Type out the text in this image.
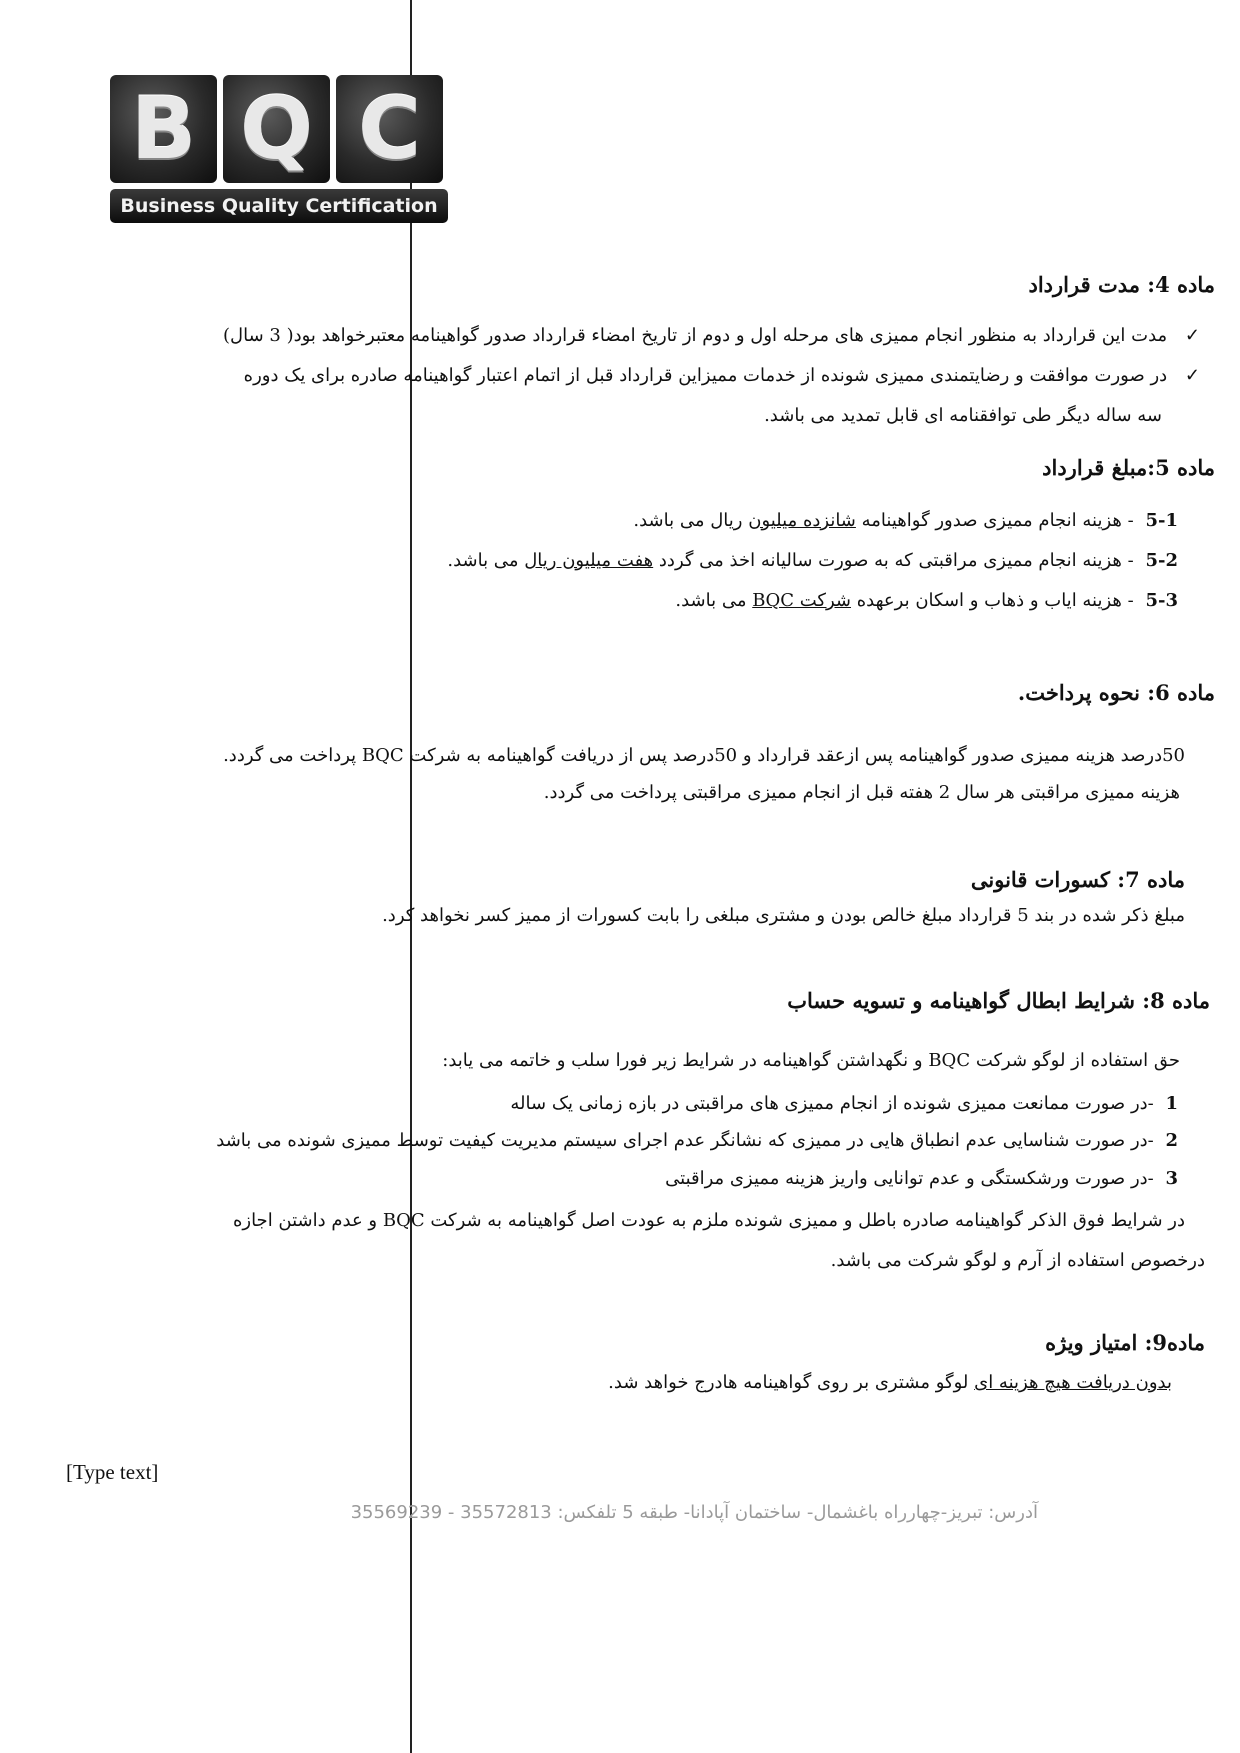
B Q C
Business Quality Certification
ماده 4: مدت قرارداد
✓ مدت این قرارداد به منظور انجام ممیزی های مرحله اول و دوم از تاریخ امضاء قرارداد صدور گواهینامه معتبرخواهد بود( 3 سال)
✓ در صورت موافقت و رضایتمندی ممیزی شونده از خدمات ممیزاین قرارداد قبل از اتمام اعتبار گواهینامه صادره برای یک دوره
سه ساله دیگر طی توافقنامه ای قابل تمدید می باشد.
ماده 5:مبلغ قرارداد
5-1 - هزینه انجام ممیزی صدور گواهینامه شانزده میلیون ریال می باشد.
5-2 - هزینه انجام ممیزی مراقبتی که به صورت سالیانه اخذ می گردد هفت میلیون ریال می باشد.
5-3 - هزینه ایاب و ذهاب و اسکان برعهده شرکت BQC می باشد.
ماده 6: نحوه پرداخت.
50درصد هزینه ممیزی صدور گواهینامه پس ازعقد قرارداد و 50درصد پس از دریافت گواهینامه به شرکت BQC پرداخت می گردد.
هزینه ممیزی مراقبتی هر سال 2 هفته قبل از انجام ممیزی مراقبتی پرداخت می گردد.
ماده 7: کسورات قانونی
مبلغ ذکر شده در بند 5 قرارداد مبلغ خالص بودن و مشتری مبلغی را بابت کسورات از ممیز کسر نخواهد کرد.
ماده 8: شرایط ابطال گواهینامه و تسویه حساب
حق استفاده از لوگو شرکت BQC و نگهداشتن گواهینامه در شرایط زیر فورا سلب و خاتمه می یابد:
1 -در صورت ممانعت ممیزی شونده از انجام ممیزی های مراقبتی در بازه زمانی یک ساله
2 -در صورت شناسایی عدم انطباق هایی در ممیزی که نشانگر عدم اجرای سیستم مدیریت کیفیت توسط ممیزی شونده می باشد
3 -در صورت ورشکستگی و عدم توانایی واریز هزینه ممیزی مراقبتی
در شرایط فوق الذکر گواهینامه صادره باطل و ممیزی شونده ملزم به عودت اصل گواهینامه به شرکت BQC و عدم داشتن اجازه
درخصوص استفاده از آرم و لوگو شرکت می باشد.
ماده9: امتیاز ویژه
بدون دریافت هیچ هزینه ای لوگو مشتری بر روی گواهینامه هادرج خواهد شد.
[Type text]
آدرس: تبریز-چهارراه باغشمال- ساختمان آپادانا- طبقه 5 تلفکس: 35572813 - 35569239
